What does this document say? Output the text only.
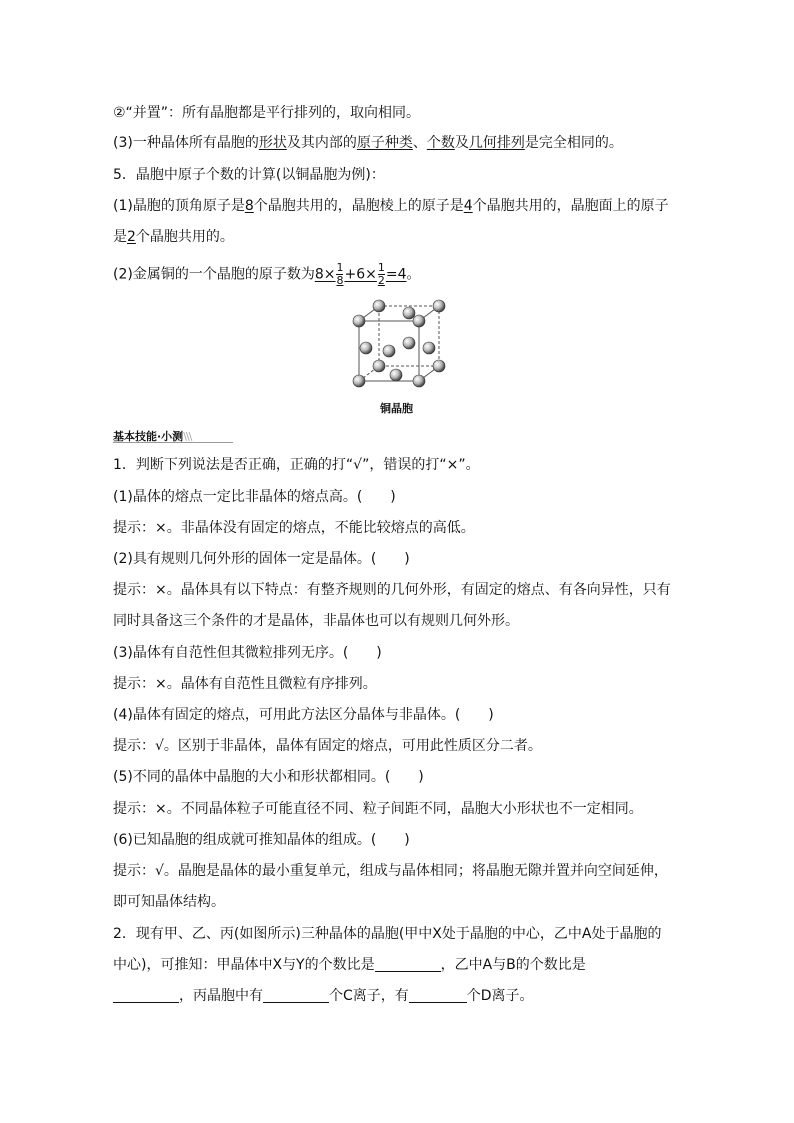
②“并置”：所有晶胞都是平行排列的，取向相同。
(3)一种晶体所有晶胞的形状及其内部的原子种类、个数及几何排列是完全相同的。
5．晶胞中原子个数的计算(以铜晶胞为例)：
(1)晶胞的顶角原子是8个晶胞共用的，晶胞棱上的原子是4个晶胞共用的，晶胞面上的原子
是2个晶胞共用的。
(2)金属铜的一个晶胞的原子数为$8\times \frac{1}{8} +6\times \frac{1}{2} =4$。
铜晶胞
基本技能·小测\\\
1．判断下列说法是否正确，正确的打“√”，错误的打“×”。
(1)晶体的熔点一定比非晶体的熔点高。(　　)
提示：×。非晶体没有固定的熔点，不能比较熔点的高低。
(2)具有规则几何外形的固体一定是晶体。(　　)
提示：×。晶体具有以下特点：有整齐规则的几何外形，有固定的熔点、有各向异性，只有
同时具备这三个条件的才是晶体，非晶体也可以有规则几何外形。
(3)晶体有自范性但其微粒排列无序。(　　)
提示：×。晶体有自范性且微粒有序排列。
(4)晶体有固定的熔点，可用此方法区分晶体与非晶体。(　　)
提示：√。区别于非晶体，晶体有固定的熔点，可用此性质区分二者。
(5)不同的晶体中晶胞的大小和形状都相同。(　　)
提示：×。不同晶体粒子可能直径不同、粒子间距不同，晶胞大小形状也不一定相同。
(6)已知晶胞的组成就可推知晶体的组成。(　　)
提示：√。晶胞是晶体的最小重复单元，组成与晶体相同；将晶胞无隙并置并向空间延伸，
即可知晶体结构。
2．现有甲、乙、丙(如图所示)三种晶体的晶胞(甲中X处于晶胞的中心，乙中A处于晶胞的
中心)，可推知：甲晶体中X与Y的个数比是	，乙中A与B的个数比是
，丙晶胞中有	个C离子，有	个D离子。
